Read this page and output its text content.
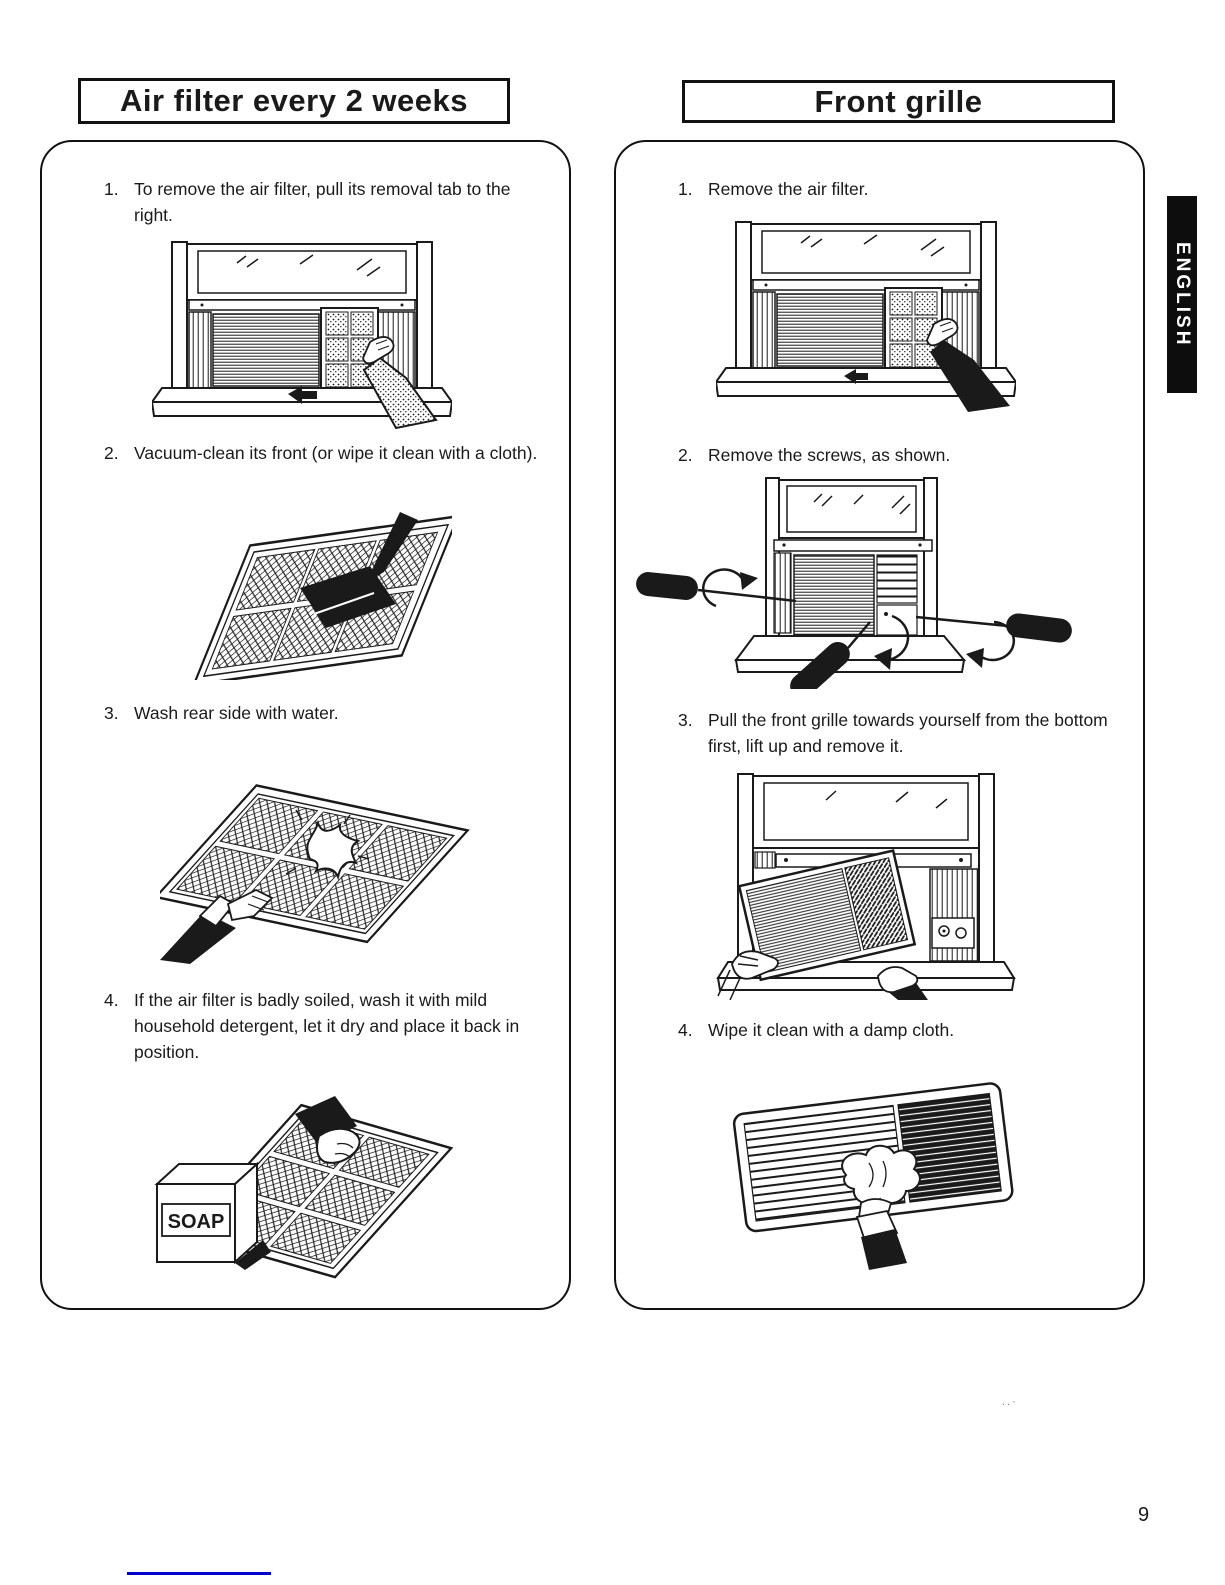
Air filter every 2 weeks	Front grille
1. To remove the air filter, pull its removal tab to the right.
2. Vacuum-clean its front (or wipe it clean with a cloth).
3. Wash rear side with water.
4. If the air filter is badly soiled, wash it with mild household detergent, let it dry and place it back in position.
SOAP
1. Remove the air filter.
2. Remove the screws, as shown.
3. Pull the front grille towards yourself from the bottom first, lift up and remove it.
4. Wipe it clean with a damp cloth.
ENGLISH
9
..·
